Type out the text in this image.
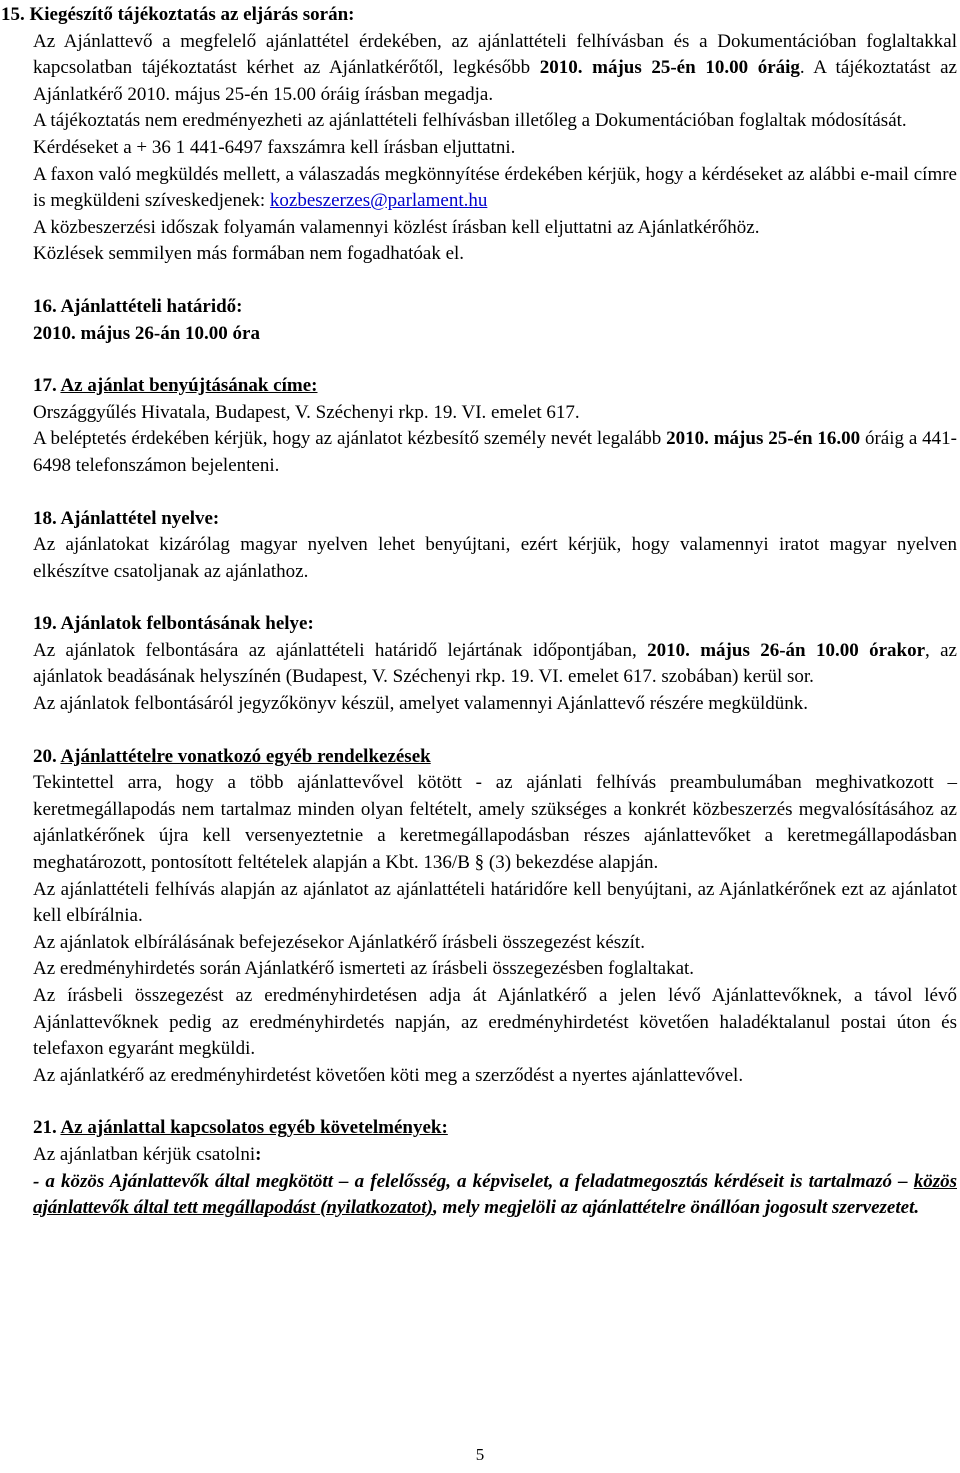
15. Kiegészítő tájékoztatás az eljárás során:

Az Ajánlattevő a megfelelő ajánlattétel érdekében, az ajánlattételi felhívásban és a Dokumentációban foglaltakkal kapcsolatban tájékoztatást kérhet az Ajánlatkérőtől, legkésőbb 2010. május 25-én 10.00 óráig. A tájékoztatást az Ajánlatkérő 2010. május 25-én 15.00 óráig írásban megadja.

A tájékoztatás nem eredményezheti az ajánlattételi felhívásban illetőleg a Dokumentációban foglaltak módosítását.

Kérdéseket a + 36 1 441-6497 faxszámra kell írásban eljuttatni.

A faxon való megküldés mellett, a válaszadás megkönnyítése érdekében kérjük, hogy a kérdéseket az alábbi e-mail címre is megküldeni szíveskedjenek: kozbeszerzes@parlament.hu

A közbeszerzési időszak folyamán valamennyi közlést írásban kell eljuttatni az Ajánlatkérőhöz.

Közlések semmilyen más formában nem fogadhatóak el.

16. Ajánlattételi határidő:

2010. május 26-án 10.00 óra

17. Az ajánlat benyújtásának címe:

Országgyűlés Hivatala, Budapest, V. Széchenyi rkp. 19. VI. emelet 617.

A beléptetés érdekében kérjük, hogy az ajánlatot kézbesítő személy nevét legalább 2010. május 25-én 16.00 óráig a 441-6498 telefonszámon bejelenteni.

18. Ajánlattétel nyelve:

Az ajánlatokat kizárólag magyar nyelven lehet benyújtani, ezért kérjük, hogy valamennyi iratot magyar nyelven elkészítve csatoljanak az ajánlathoz.

19. Ajánlatok felbontásának helye:

Az ajánlatok felbontására az ajánlattételi határidő lejártának időpontjában, 2010. május 26-án 10.00 órakor, az ajánlatok beadásának helyszínén (Budapest, V. Széchenyi rkp. 19. VI. emelet 617. szobában) kerül sor.

Az ajánlatok felbontásáról jegyzőkönyv készül, amelyet valamennyi Ajánlattevő részére megküldünk.

20. Ajánlattételre vonatkozó egyéb rendelkezések

Tekintettel arra, hogy a több ajánlattevővel kötött - az ajánlati felhívás preambulumában meghivatkozott – keretmegállapodás nem tartalmaz minden olyan feltételt, amely szükséges a konkrét közbeszerzés megvalósításához az ajánlatkérőnek újra kell versenyeztetnie a keretmegállapodásban részes ajánlattevőket a keretmegállapodásban meghatározott, pontosított feltételek alapján a Kbt. 136/B § (3) bekezdése alapján.

Az ajánlattételi felhívás alapján az ajánlatot az ajánlattételi határidőre kell benyújtani, az Ajánlatkérőnek ezt az ajánlatot kell elbírálnia.

Az ajánlatok elbírálásának befejezésekor Ajánlatkérő írásbeli összegezést készít.

Az eredményhirdetés során Ajánlatkérő ismerteti az írásbeli összegezésben foglaltakat.

Az írásbeli összegezést az eredményhirdetésen adja át Ajánlatkérő a jelen lévő Ajánlattevőknek, a távol lévő Ajánlattevőknek pedig az eredményhirdetés napján, az eredményhirdetést követően haladéktalanul postai úton és telefaxon egyaránt megküldi.

Az ajánlatkérő az eredményhirdetést követően köti meg a szerződést a nyertes ajánlattevővel.

21. Az ajánlattal kapcsolatos egyéb követelmények:

Az ajánlatban kérjük csatolni:

- a közös Ajánlattevők által megkötött – a felelősség, a képviselet, a feladatmegosztás kérdéseit is tartalmazó – közös ajánlattevők által tett megállapodást (nyilatkozatot), mely megjelöli az ajánlattételre önállóan jogosult szervezetet.

5
